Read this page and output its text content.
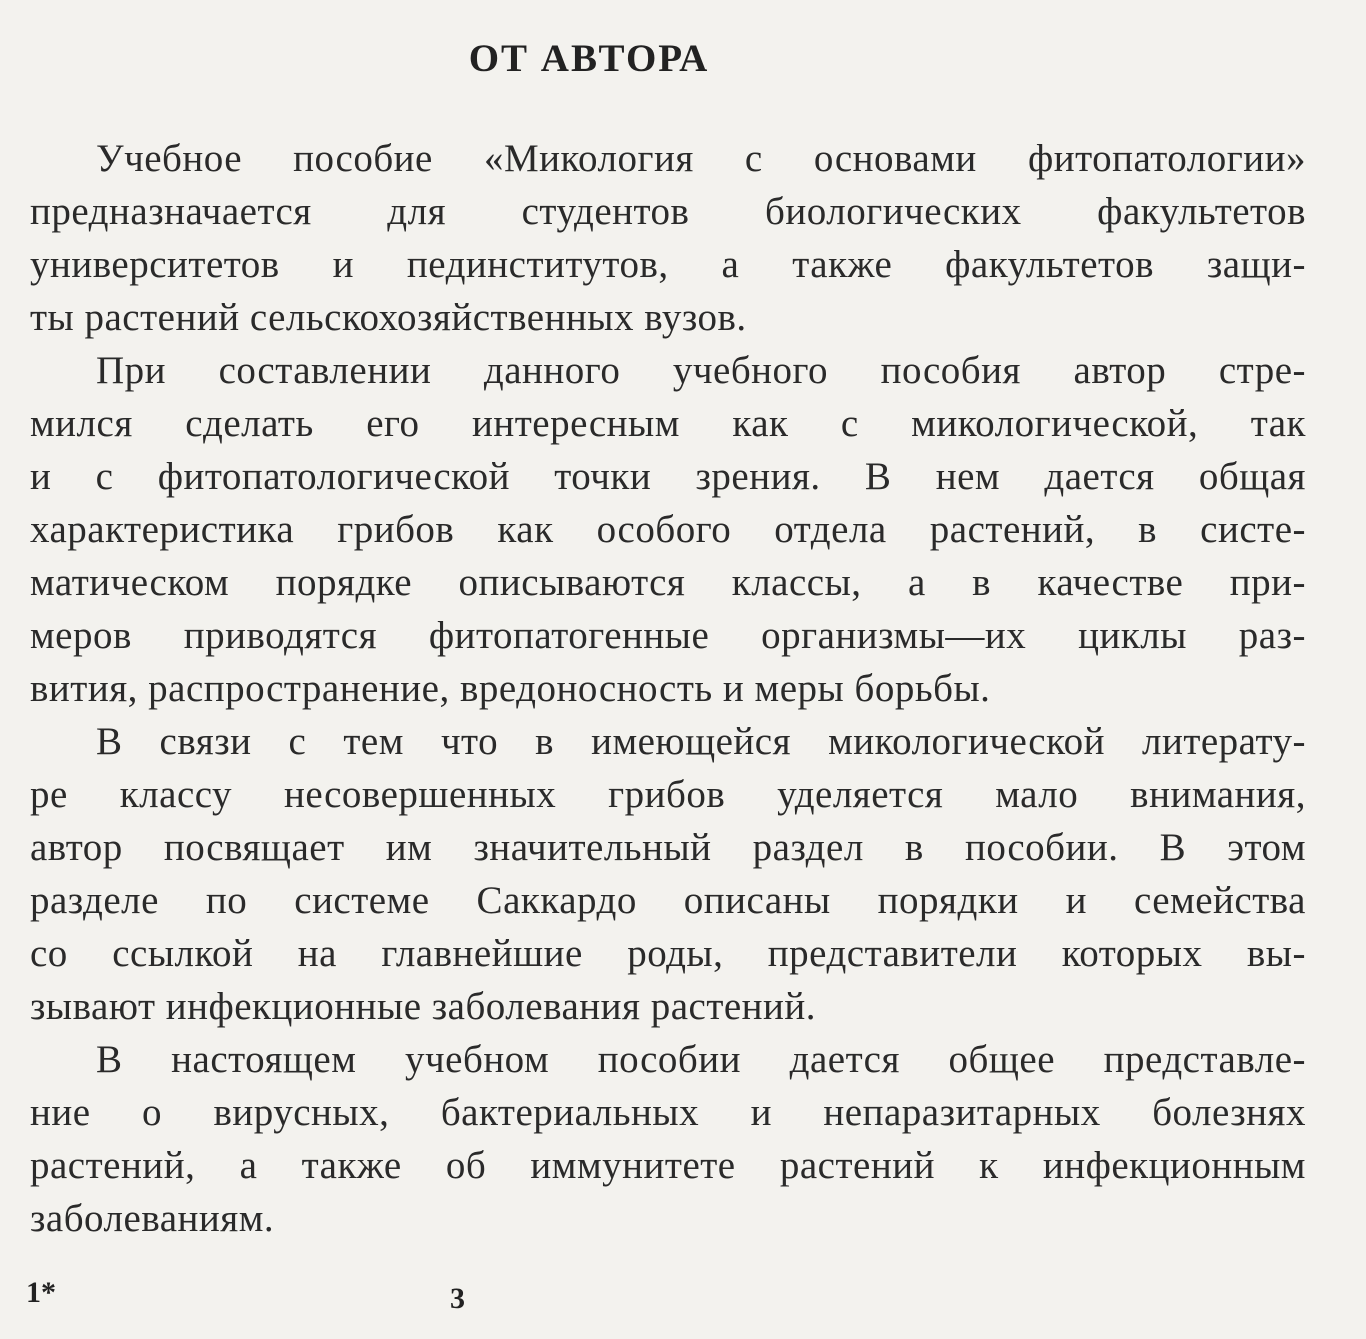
ОТ АВТОРА

Учебное пособие «Микология с основами фитопатологии»
предназначается для студентов биологических факультетов
университетов и пединститутов, а также факультетов защи-
ты растений сельскохозяйственных вузов.

При составлении данного учебного пособия автор стре-
мился сделать его интересным как с микологической, так
и с фитопатологической точки зрения. В нем дается общая
характеристика грибов как особого отдела растений, в систе-
матическом порядке описываются классы, а в качестве при-
меров приводятся фитопатогенные организмы—их циклы раз-
вития, распространение, вредоносность и меры борьбы.

В связи с тем что в имеющейся микологической литерату-
ре классу несовершенных грибов уделяется мало внимания,
автор посвящает им значительный раздел в пособии. В этом
разделе по системе Саккардо описаны порядки и семейства
со ссылкой на главнейшие роды, представители которых вы-
зывают инфекционные заболевания растений.

В настоящем учебном пособии дается общее представле-
ние о вирусных, бактериальных и непаразитарных болезнях
растений, а также об иммунитете растений к инфекционным
заболеваниям.

1*	3
